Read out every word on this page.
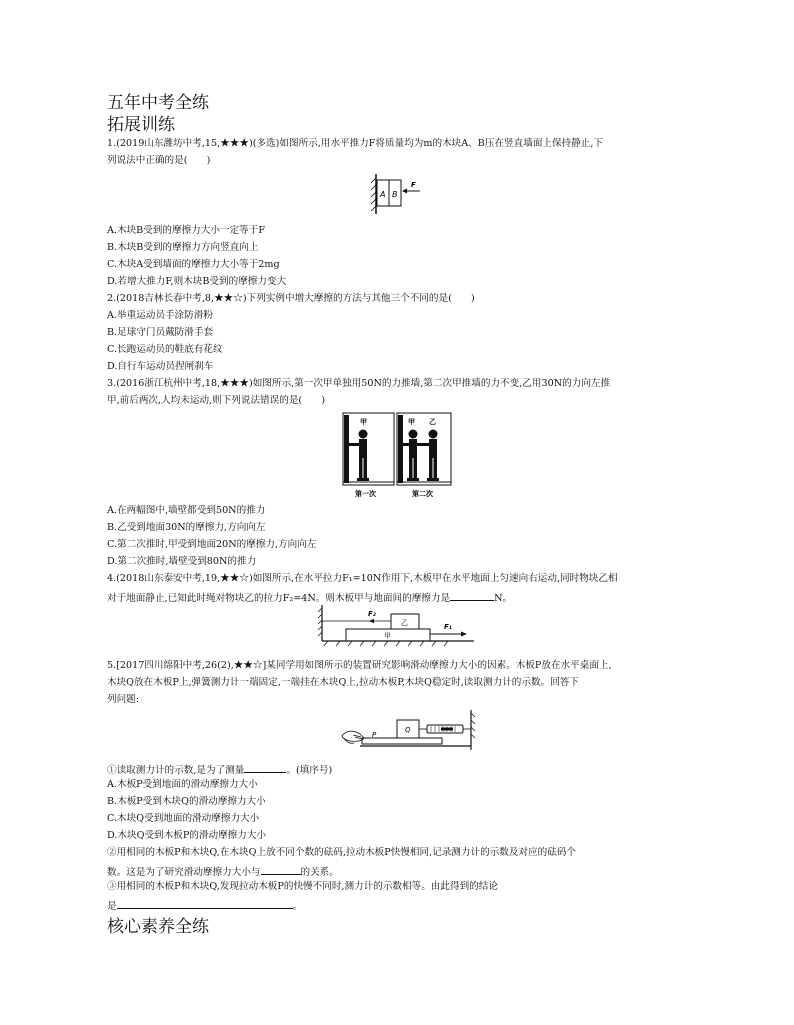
五年中考全练
拓展训练
1.(2019山东潍坊中考,15,★★★)(多选)如图所示,用水平推力F将质量均为m的木块A、B压在竖直墙面上保持静止,下
列说法中正确的是(　　)
A B
F
A.木块B受到的摩擦力大小一定等于F
B.木块B受到的摩擦力方向竖直向上
C.木块A受到墙面的摩擦力大小等于2mg
D.若增大推力F,则木块B受到的摩擦力变大
2.(2018吉林长春中考,8,★★☆)下列实例中增大摩擦的方法与其他三个不同的是(　　)
A.举重运动员手涂防滑粉
B.足球守门员戴防滑手套
C.长跑运动员的鞋底有花纹
D.自行车运动员捏闸刹车
3.(2016浙江杭州中考,18,★★★)如图所示,第一次甲单独用50N的力推墙,第二次甲推墙的力不变,乙用30N的力向左推
甲,前后两次,人均未运动,则下列说法错误的是(　　)
甲
第一次
甲 乙
第二次
A.在两幅图中,墙壁都受到50N的推力
B.乙受到地面30N的摩擦力,方向向左
C.第二次推时,甲受到地面20N的摩擦力,方向向左
D.第二次推时,墙壁受到80N的推力
4.(2018山东泰安中考,19,★★☆)如图所示,在水平拉力F₁=10N作用下,木板甲在水平地面上匀速向右运动,同时物块乙相
对于地面静止,已知此时绳对物块乙的拉力F₂=4N。则木板甲与地面间的摩擦力是	N。
F₂
乙
甲
F₁
5.[2017四川绵阳中考,26(2),★★☆]某同学用如图所示的装置研究影响滑动摩擦力大小的因素。木板P放在水平桌面上,
木块Q放在木板P上,弹簧测力计一端固定,一端挂在木块Q上,拉动木板P,木块Q稳定时,读取测力计的示数。回答下
列问题:
P
Q
①读取测力计的示数,是为了测量	。(填序号)
A.木板P受到地面的滑动摩擦力大小
B.木板P受到木块Q的滑动摩擦力大小
C.木块Q受到地面的滑动摩擦力大小
D.木块Q受到木板P的滑动摩擦力大小
②用相同的木板P和木块Q,在木块Q上放不同个数的砝码,拉动木板P快慢相同,记录测力计的示数及对应的砝码个
数。这是为了研究滑动摩擦力大小与	的关系。
③用相同的木板P和木块Q,发现拉动木板P的快慢不同时,测力计的示数相等。由此得到的结论
是	。
核心素养全练
